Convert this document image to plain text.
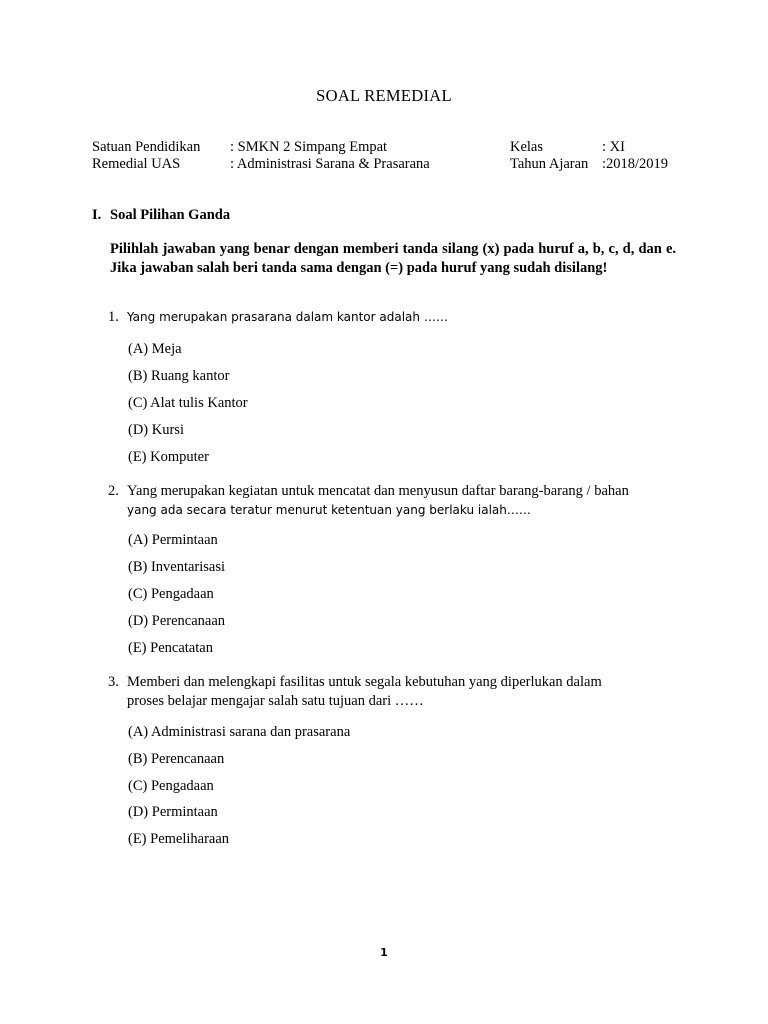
SOAL REMEDIAL
Satuan Pendidikan : SMKN 2 Simpang Empat	Kelas	: XI
Remedial UAS	: Administrasi Sarana & Prasarana	Tahun Ajaran :2018/2019
I. Soal Pilihan Ganda
Pilihlah jawaban yang benar dengan memberi tanda silang (x) pada huruf a, b, c, d, dan e. Jika jawaban salah beri tanda sama dengan (=) pada huruf yang sudah disilang!
1. Yang merupakan prasarana dalam kantor adalah ……
(A) Meja
(B) Ruang kantor
(C) Alat tulis Kantor
(D) Kursi
(E) Komputer
2. Yang merupakan kegiatan untuk mencatat dan menyusun daftar barang-barang / bahan
yang ada secara teratur menurut ketentuan yang berlaku ialah……
(A) Permintaan
(B) Inventarisasi
(C) Pengadaan
(D) Perencanaan
(E) Pencatatan
3. Memberi dan melengkapi fasilitas untuk segala kebutuhan yang diperlukan dalam
proses belajar mengajar salah satu tujuan dari ……
(A) Administrasi sarana dan prasarana
(B) Perencanaan
(C) Pengadaan
(D) Permintaan
(E) Pemeliharaan
1
